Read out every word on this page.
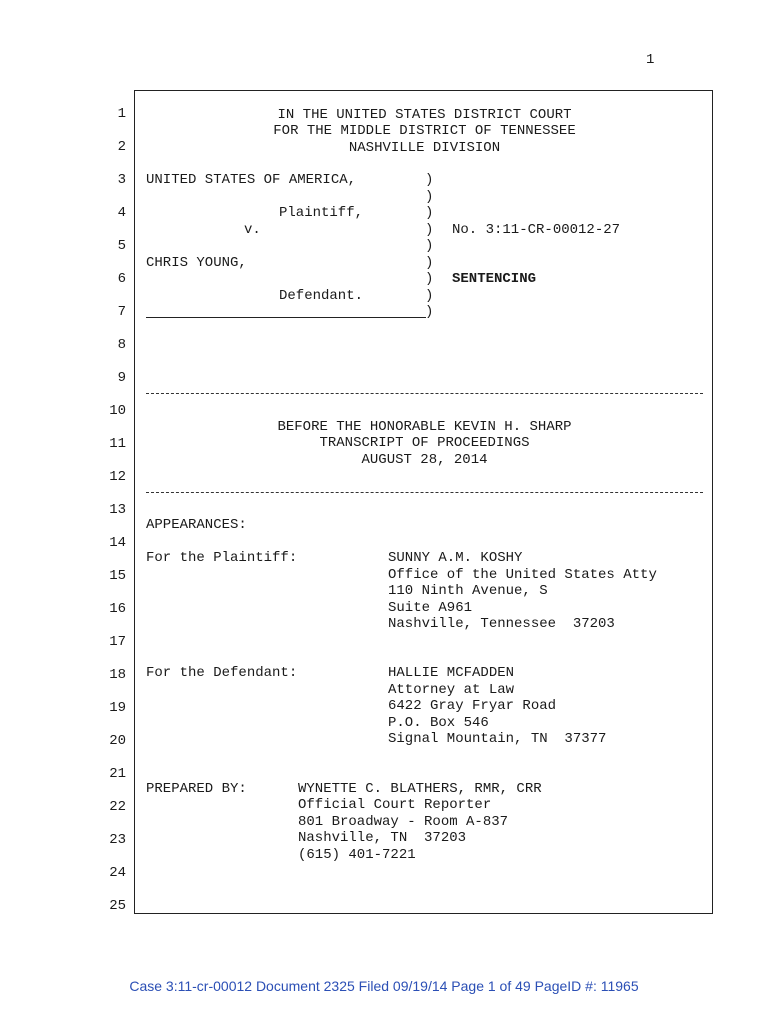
1
1
2
3
4
5
6
7
8
9
10
11
12
13
14
15
16
17
18
19
20
21
22
23
24
25
IN THE UNITED STATES DISTRICT COURT
FOR THE MIDDLE DISTRICT OF TENNESSEE
NASHVILLE DIVISION
UNITED STATES OF AMERICA,
Plaintiff,
v.
CHRIS YOUNG,
Defendant.
)
)
)
)
)
)
)
)
)
No. 3:11-CR-00012-27
SENTENCING
BEFORE THE HONORABLE KEVIN H. SHARP
TRANSCRIPT OF PROCEEDINGS
AUGUST 28, 2014
APPEARANCES:
For the Plaintiff:	SUNNY A.M. KOSHY
Office of the United States Atty
110 Ninth Avenue, S
Suite A961
Nashville, Tennessee  37203
For the Defendant:	HALLIE MCFADDEN
Attorney at Law
6422 Gray Fryar Road
P.O. Box 546
Signal Mountain, TN  37377
PREPARED BY:	WYNETTE C. BLATHERS, RMR, CRR
Official Court Reporter
801 Broadway - Room A-837
Nashville, TN  37203
(615) 401-7221
Case 3:11-cr-00012 Document 2325 Filed 09/19/14 Page 1 of 49 PageID #: 11965
